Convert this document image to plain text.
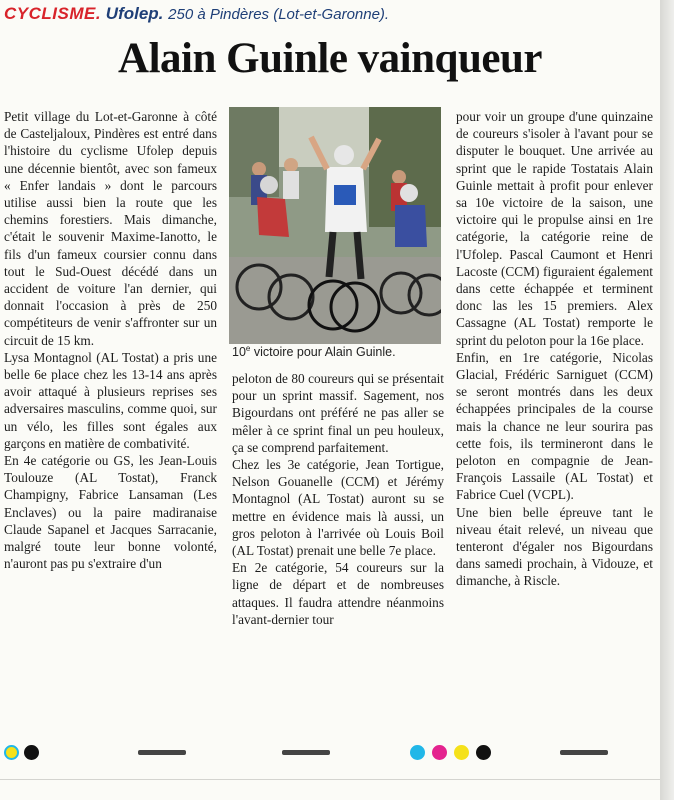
CYCLISME. Ufolep. 250 à Pindères (Lot-et-Garonne).
Alain Guinle vainqueur

Petit village du Lot-et-Garonne à côté de Casteljaloux, Pindères est entré dans l'histoire du cyclisme Ufolep depuis une décennie bientôt, avec son fameux « Enfer landais » dont le parcours utilise aussi bien la route que les chemins forestiers. Mais dimanche, c'était le souvenir Maxime-Ianotto, le fils d'un fameux coursier connu dans tout le Sud-Ouest décédé dans un accident de voiture l'an dernier, qui donnait l'occasion à près de 250 compétiteurs de venir s'affronter sur un circuit de 15 km.

Lysa Montagnol (AL Tostat) a pris une belle 6e place chez les 13-14 ans après avoir attaqué à plusieurs reprises ses adversaires masculins, comme quoi, sur un vélo, les filles sont égales aux garçons en matière de combativité.

En 4e catégorie ou GS, les Jean-Louis Toulouze (AL Tostat), Franck Champigny, Fabrice Lansaman (Les Enclaves) ou la paire madiranaise Claude Sapanel et Jacques Sarracanie, malgré toute leur bonne volonté, n'auront pas pu s'extraire d'un

10e victoire pour Alain Guinle.

peloton de 80 coureurs qui se présentait pour un sprint massif. Sagement, nos Bigourdans ont préféré ne pas aller se mêler à ce sprint final un peu houleux, ça se comprend parfaitement.

Chez les 3e catégorie, Jean Tortigue, Nelson Gouanelle (CCM) et Jérémy Montagnol (AL Tostat) auront su se mettre en évidence mais là aussi, un gros peloton à l'arrivée où Louis Boil (AL Tostat) prenait une belle 7e place.

En 2e catégorie, 54 coureurs sur la ligne de départ et de nombreuses attaques. Il faudra attendre néanmoins l'avant-dernier tour

pour voir un groupe d'une quinzaine de coureurs s'isoler à l'avant pour se disputer le bouquet. Une arrivée au sprint que le rapide Tostatais Alain Guinle mettait à profit pour enlever sa 10e victoire de la saison, une victoire qui le propulse ainsi en 1re catégorie, la catégorie reine de l'Ufolep. Pascal Caumont et Henri Lacoste (CCM) figuraient également dans cette échappée et terminent donc las les 15 premiers. Alex Cassagne (AL Tostat) remporte le sprint du peloton pour la 16e place.

Enfin, en 1re catégorie, Nicolas Glacial, Frédéric Sarniguet (CCM) se seront montrés dans les deux échappées principales de la course mais la chance ne leur sourira pas cette fois, ils termineront dans le peloton en compagnie de Jean-François Lassaile (AL Tostat) et Fabrice Cuel (VCPL).

Une bien belle épreuve tant le niveau était relevé, un niveau que tenteront d'égaler nos Bigourdans dans samedi prochain, à Vidouze, et dimanche, à Riscle.
